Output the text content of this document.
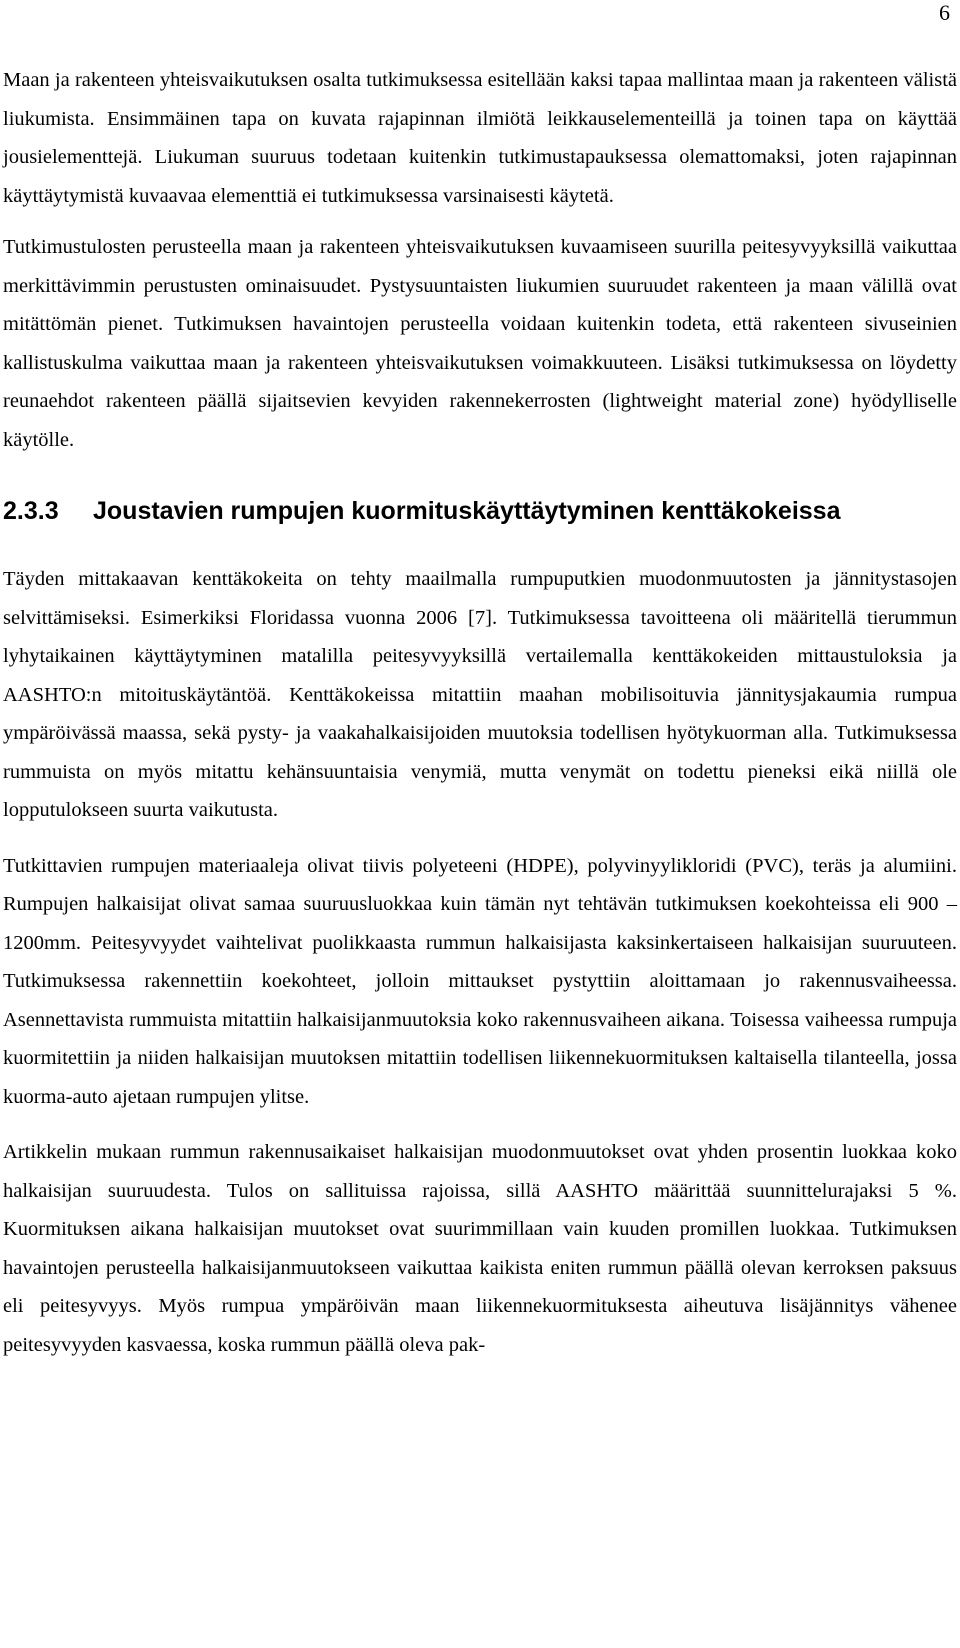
6

Maan ja rakenteen yhteisvaikutuksen osalta tutkimuksessa esitellään kaksi tapaa mallintaa maan ja rakenteen välistä liukumista. Ensimmäinen tapa on kuvata rajapinnan ilmiötä leikkauselementeillä ja toinen tapa on käyttää jousielementtejä. Liukuman suuruus todetaan kuitenkin tutkimustapauksessa olemattomaksi, joten rajapinnan käyttäytymistä kuvaavaa elementtiä ei tutkimuksessa varsinaisesti käytetä.

Tutkimustulosten perusteella maan ja rakenteen yhteisvaikutuksen kuvaamiseen suurilla peitesyvyyksillä vaikuttaa merkittävimmin perustusten ominaisuudet. Pystysuuntaisten liukumien suuruudet rakenteen ja maan välillä ovat mitättömän pienet. Tutkimuksen havaintojen perusteella voidaan kuitenkin todeta, että rakenteen sivuseinien kallistuskulma vaikuttaa maan ja rakenteen yhteisvaikutuksen voimakkuuteen. Lisäksi tutkimuksessa on löydetty reunaehdot rakenteen päällä sijaitsevien kevyiden rakennekerrosten (lightweight material zone) hyödylliselle käytölle.

2.3.3	Joustavien rumpujen kuormituskäyttäytyminen kenttäkokeissa

Täyden mittakaavan kenttäkokeita on tehty maailmalla rumpuputkien muodonmuutosten ja jännitystasojen selvittämiseksi. Esimerkiksi Floridassa vuonna 2006 [7]. Tutkimuksessa tavoitteena oli määritellä tierummun lyhytaikainen käyttäytyminen matalilla peitesyvyyksillä vertailemalla kenttäkokeiden mittaustuloksia ja AASHTO:n mitoituskäytäntöä. Kenttäkokeissa mitattiin maahan mobilisoituvia jännitysjakaumia rumpua ympäröivässä maassa, sekä pysty- ja vaakahalkaisijoiden muutoksia todellisen hyötykuorman alla. Tutkimuksessa rummuista on myös mitattu kehänsuuntaisia venymiä, mutta venymät on todettu pieneksi eikä niillä ole lopputulokseen suurta vaikutusta.

Tutkittavien rumpujen materiaaleja olivat tiivis polyeteeni (HDPE), polyvinyylikloridi (PVC), teräs ja alumiini. Rumpujen halkaisijat olivat samaa suuruusluokkaa kuin tämän nyt tehtävän tutkimuksen koekohteissa eli 900 – 1200mm. Peitesyvyydet vaihtelivat puolikkaasta rummun halkaisijasta kaksinkertaiseen halkaisijan suuruuteen. Tutkimuksessa rakennettiin koekohteet, jolloin mittaukset pystyttiin aloittamaan jo rakennusvaiheessa. Asennettavista rummuista mitattiin halkaisijanmuutoksia koko rakennusvaiheen aikana. Toisessa vaiheessa rumpuja kuormitettiin ja niiden halkaisijan muutoksen mitattiin todellisen liikennekuormituksen kaltaisella tilanteella, jossa kuorma-auto ajetaan rumpujen ylitse.

Artikkelin mukaan rummun rakennusaikaiset halkaisijan muodonmuutokset ovat yhden prosentin luokkaa koko halkaisijan suuruudesta. Tulos on sallituissa rajoissa, sillä AASHTO määrittää suunnittelurajaksi 5 %. Kuormituksen aikana halkaisijan muutokset ovat suurimmillaan vain kuuden promillen luokkaa. Tutkimuksen havaintojen perusteella halkaisijanmuutokseen vaikuttaa kaikista eniten rummun päällä olevan kerroksen paksuus eli peitesyvyys. Myös rumpua ympäröivän maan liikennekuormituksesta aiheutuva lisäjännitys vähenee peitesyvyyden kasvaessa, koska rummun päällä oleva pak-
